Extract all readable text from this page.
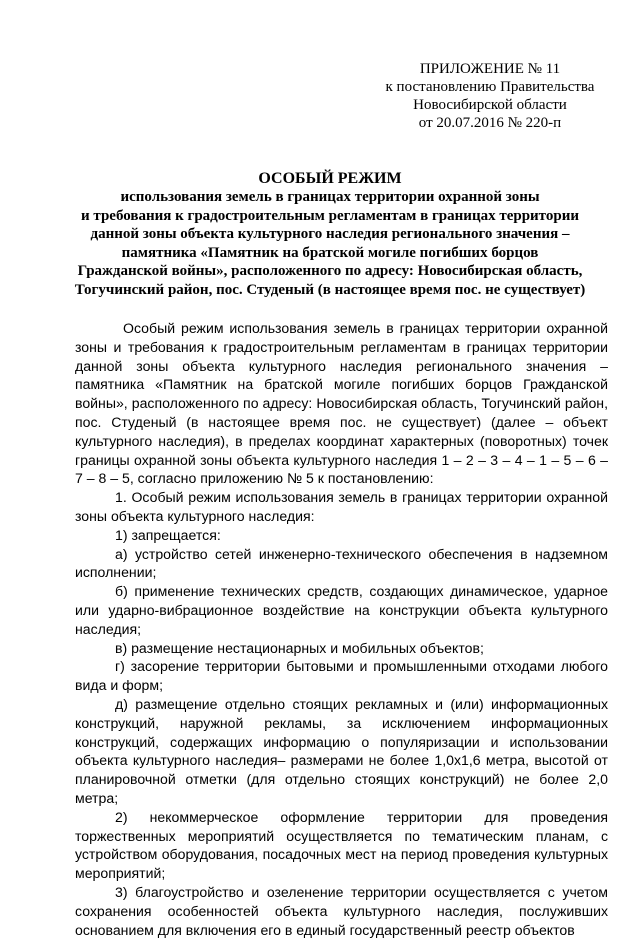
ПРИЛОЖЕНИЕ № 11
к постановлению Правительства
Новосибирской области
от 20.07.2016 № 220-п
ОСОБЫЙ РЕЖИМ
использования земель в границах территории охранной зоны
и требования к градостроительным регламентам в границах территории
данной зоны объекта культурного наследия регионального значения –
памятника «Памятник на братской могиле погибших борцов
Гражданской войны», расположенного по адресу: Новосибирская область,
Тогучинский район, пос. Студеный (в настоящее время пос. не существует)

Особый режим использования земель в границах территории охранной зоны и требования к градостроительным регламентам в границах территории данной зоны объекта культурного наследия регионального значения – памятника «Памятник на братской могиле погибших борцов Гражданской войны», расположенного по адресу: Новосибирская область, Тогучинский район, пос. Студеный (в настоящее время пос. не существует) (далее – объект культурного наследия), в пределах координат характерных (поворотных) точек границы охранной зоны объекта культурного наследия 1 – 2 – 3 – 4 – 1 – 5 – 6 – 7 – 8 – 5, согласно приложению № 5 к постановлению:

1. Особый режим использования земель в границах территории охранной зоны объекта культурного наследия:

1) запрещается:

а) устройство сетей инженерно-технического обеспечения в надземном исполнении;

б) применение технических средств, создающих динамическое, ударное или ударно-вибрационное воздействие на конструкции объекта культурного наследия;

в) размещение нестационарных и мобильных объектов;

г) засорение территории бытовыми и промышленными отходами любого вида и форм;

д) размещение отдельно стоящих рекламных и (или) информационных конструкций, наружной рекламы, за исключением информационных конструкций, содержащих информацию о популяризации и использовании объекта культурного наследия– размерами не более 1,0х1,6 метра, высотой от планировочной отметки (для отдельно стоящих конструкций) не более 2,0 метра;

2) некоммерческое оформление территории для проведения торжественных мероприятий осуществляется по тематическим планам, с устройством оборудования, посадочных мест на период проведения культурных мероприятий;

3) благоустройство и озеленение территории осуществляется с учетом сохранения особенностей объекта культурного наследия, послуживших основанием для включения его в единый государственный реестр объектов
